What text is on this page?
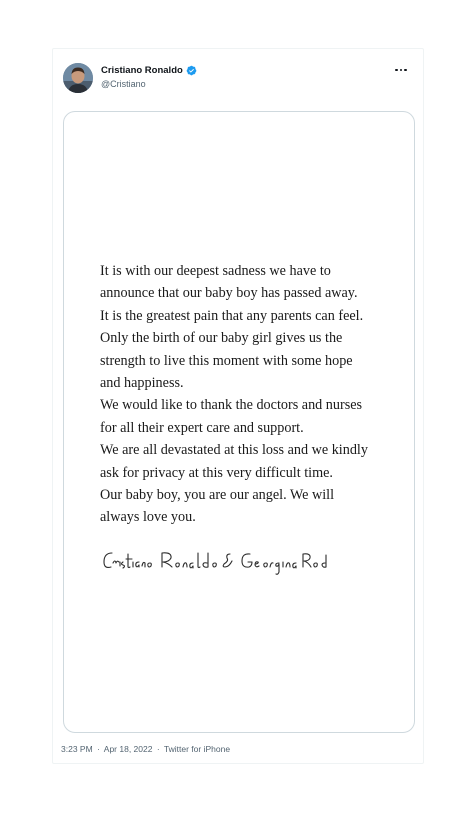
Cristiano Ronaldo
@Cristiano
It is with our deepest sadness we have to
announce that our baby boy has passed away.
It is the greatest pain that any parents can feel.
Only the birth of our baby girl gives us the
strength to live this moment with some hope
and happiness.
We would like to thank the doctors and nurses
for all their expert care and support.
We are all devastated at this loss and we kindly
ask for privacy at this very difficult time.
Our baby boy, you are our angel. We will
always love you.
3:23 PM · Apr 18, 2022 · Twitter for iPhone
